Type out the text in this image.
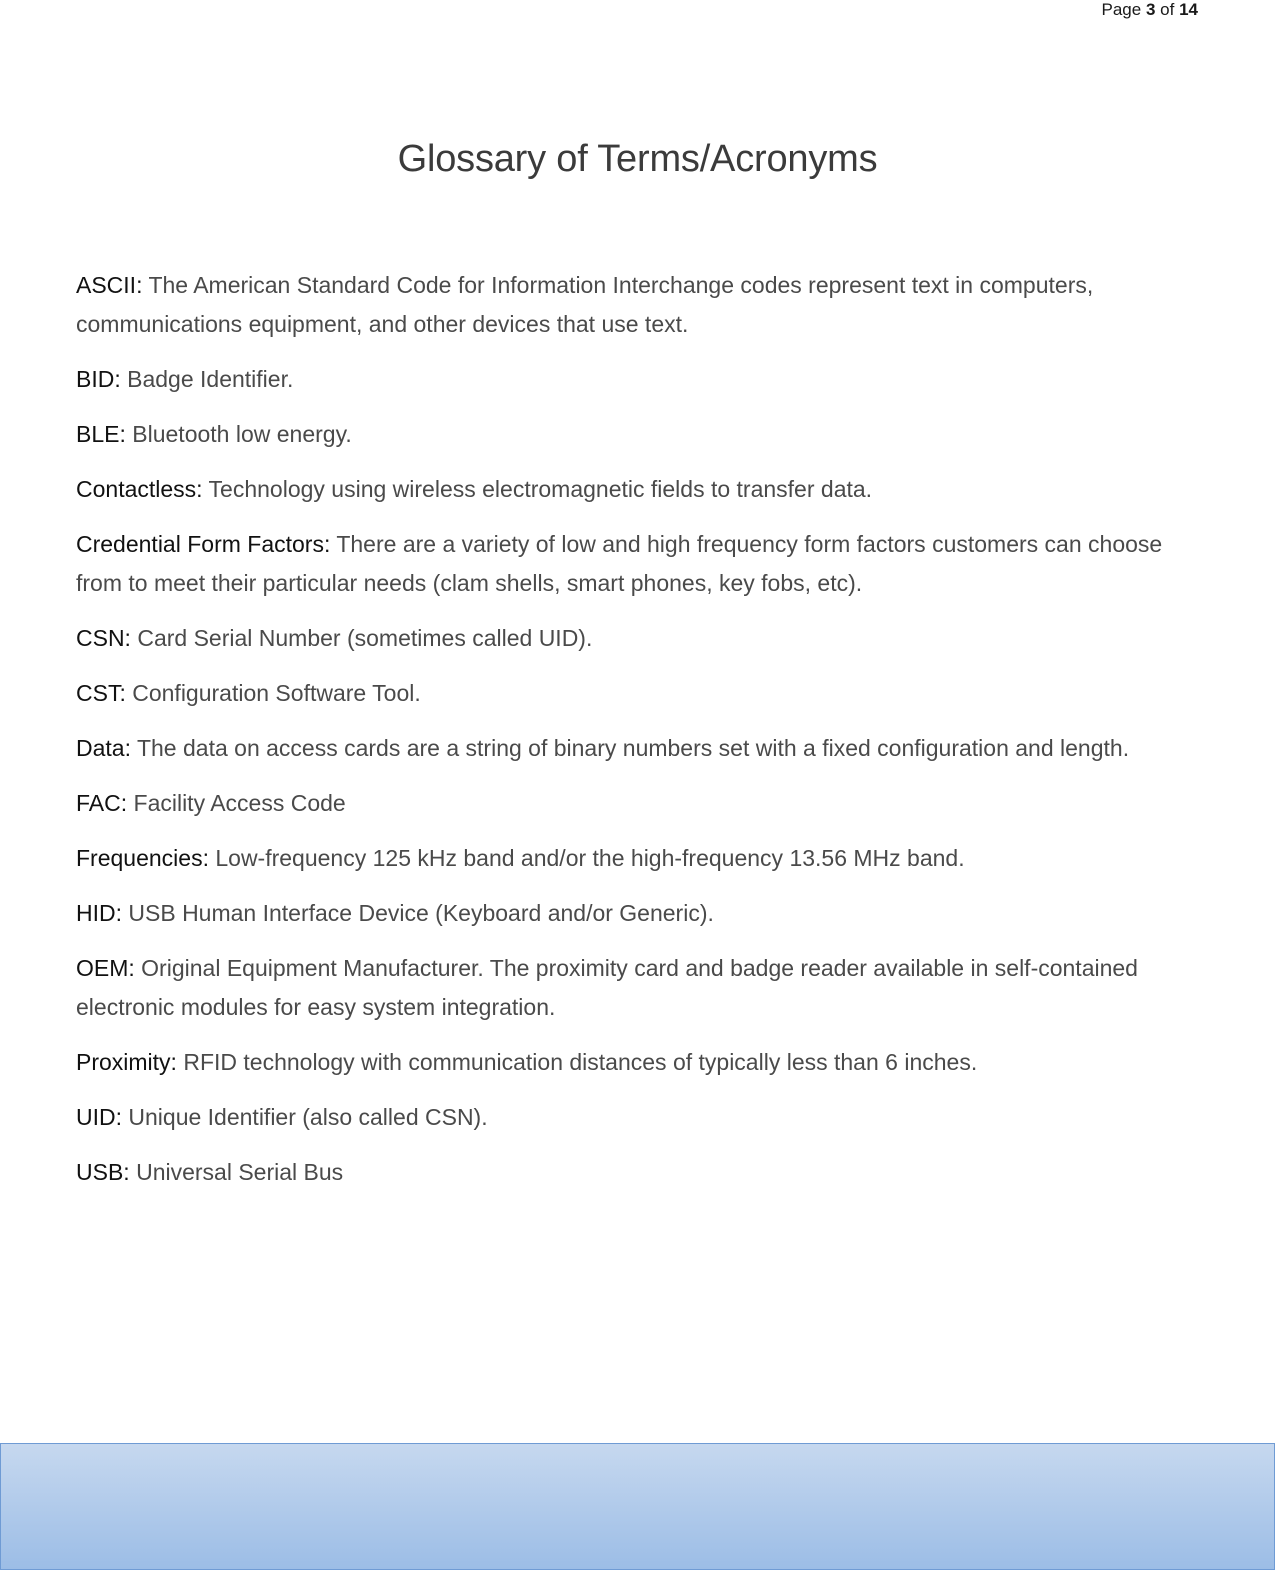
Page 3 of 14
Glossary of Terms/Acronyms
ASCII: The American Standard Code for Information Interchange codes represent text in computers, communications equipment, and other devices that use text.
BID: Badge Identifier.
BLE: Bluetooth low energy.
Contactless: Technology using wireless electromagnetic fields to transfer data.
Credential Form Factors: There are a variety of low and high frequency form factors customers can choose from to meet their particular needs (clam shells, smart phones, key fobs, etc).
CSN: Card Serial Number (sometimes called UID).
CST: Configuration Software Tool.
Data: The data on access cards are a string of binary numbers set with a fixed configuration and length.
FAC: Facility Access Code
Frequencies: Low-frequency 125 kHz band and/or the high-frequency 13.56 MHz band.
HID: USB Human Interface Device (Keyboard and/or Generic).
OEM: Original Equipment Manufacturer. The proximity card and badge reader available in self-contained electronic modules for easy system integration.
Proximity: RFID technology with communication distances of typically less than 6 inches.
UID: Unique Identifier (also called CSN).
USB: Universal Serial Bus
